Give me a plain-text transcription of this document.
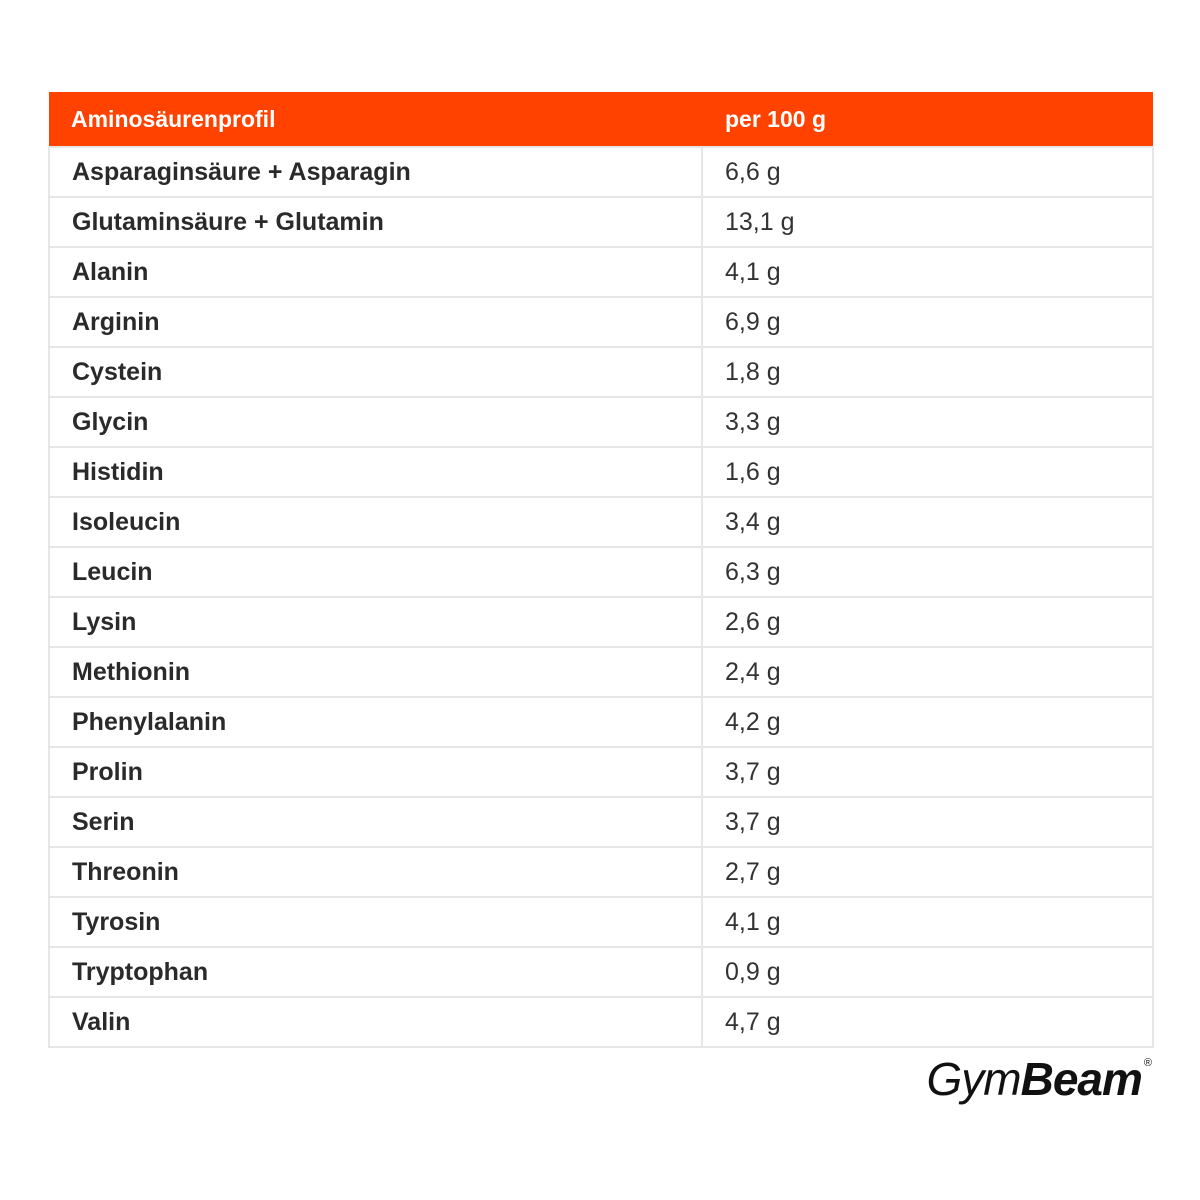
Aminosäurenprofil	per 100 g
Asparaginsäure + Asparagin	6,6 g
Glutaminsäure + Glutamin	13,1 g
Alanin	4,1 g
Arginin	6,9 g
Cystein	1,8 g
Glycin	3,3 g
Histidin	1,6 g
Isoleucin	3,4 g
Leucin	6,3 g
Lysin	2,6 g
Methionin	2,4 g
Phenylalanin	4,2 g
Prolin	3,7 g
Serin	3,7 g
Threonin	2,7 g
Tyrosin	4,1 g
Tryptophan	0,9 g
Valin	4,7 g
Gym Beam ®
